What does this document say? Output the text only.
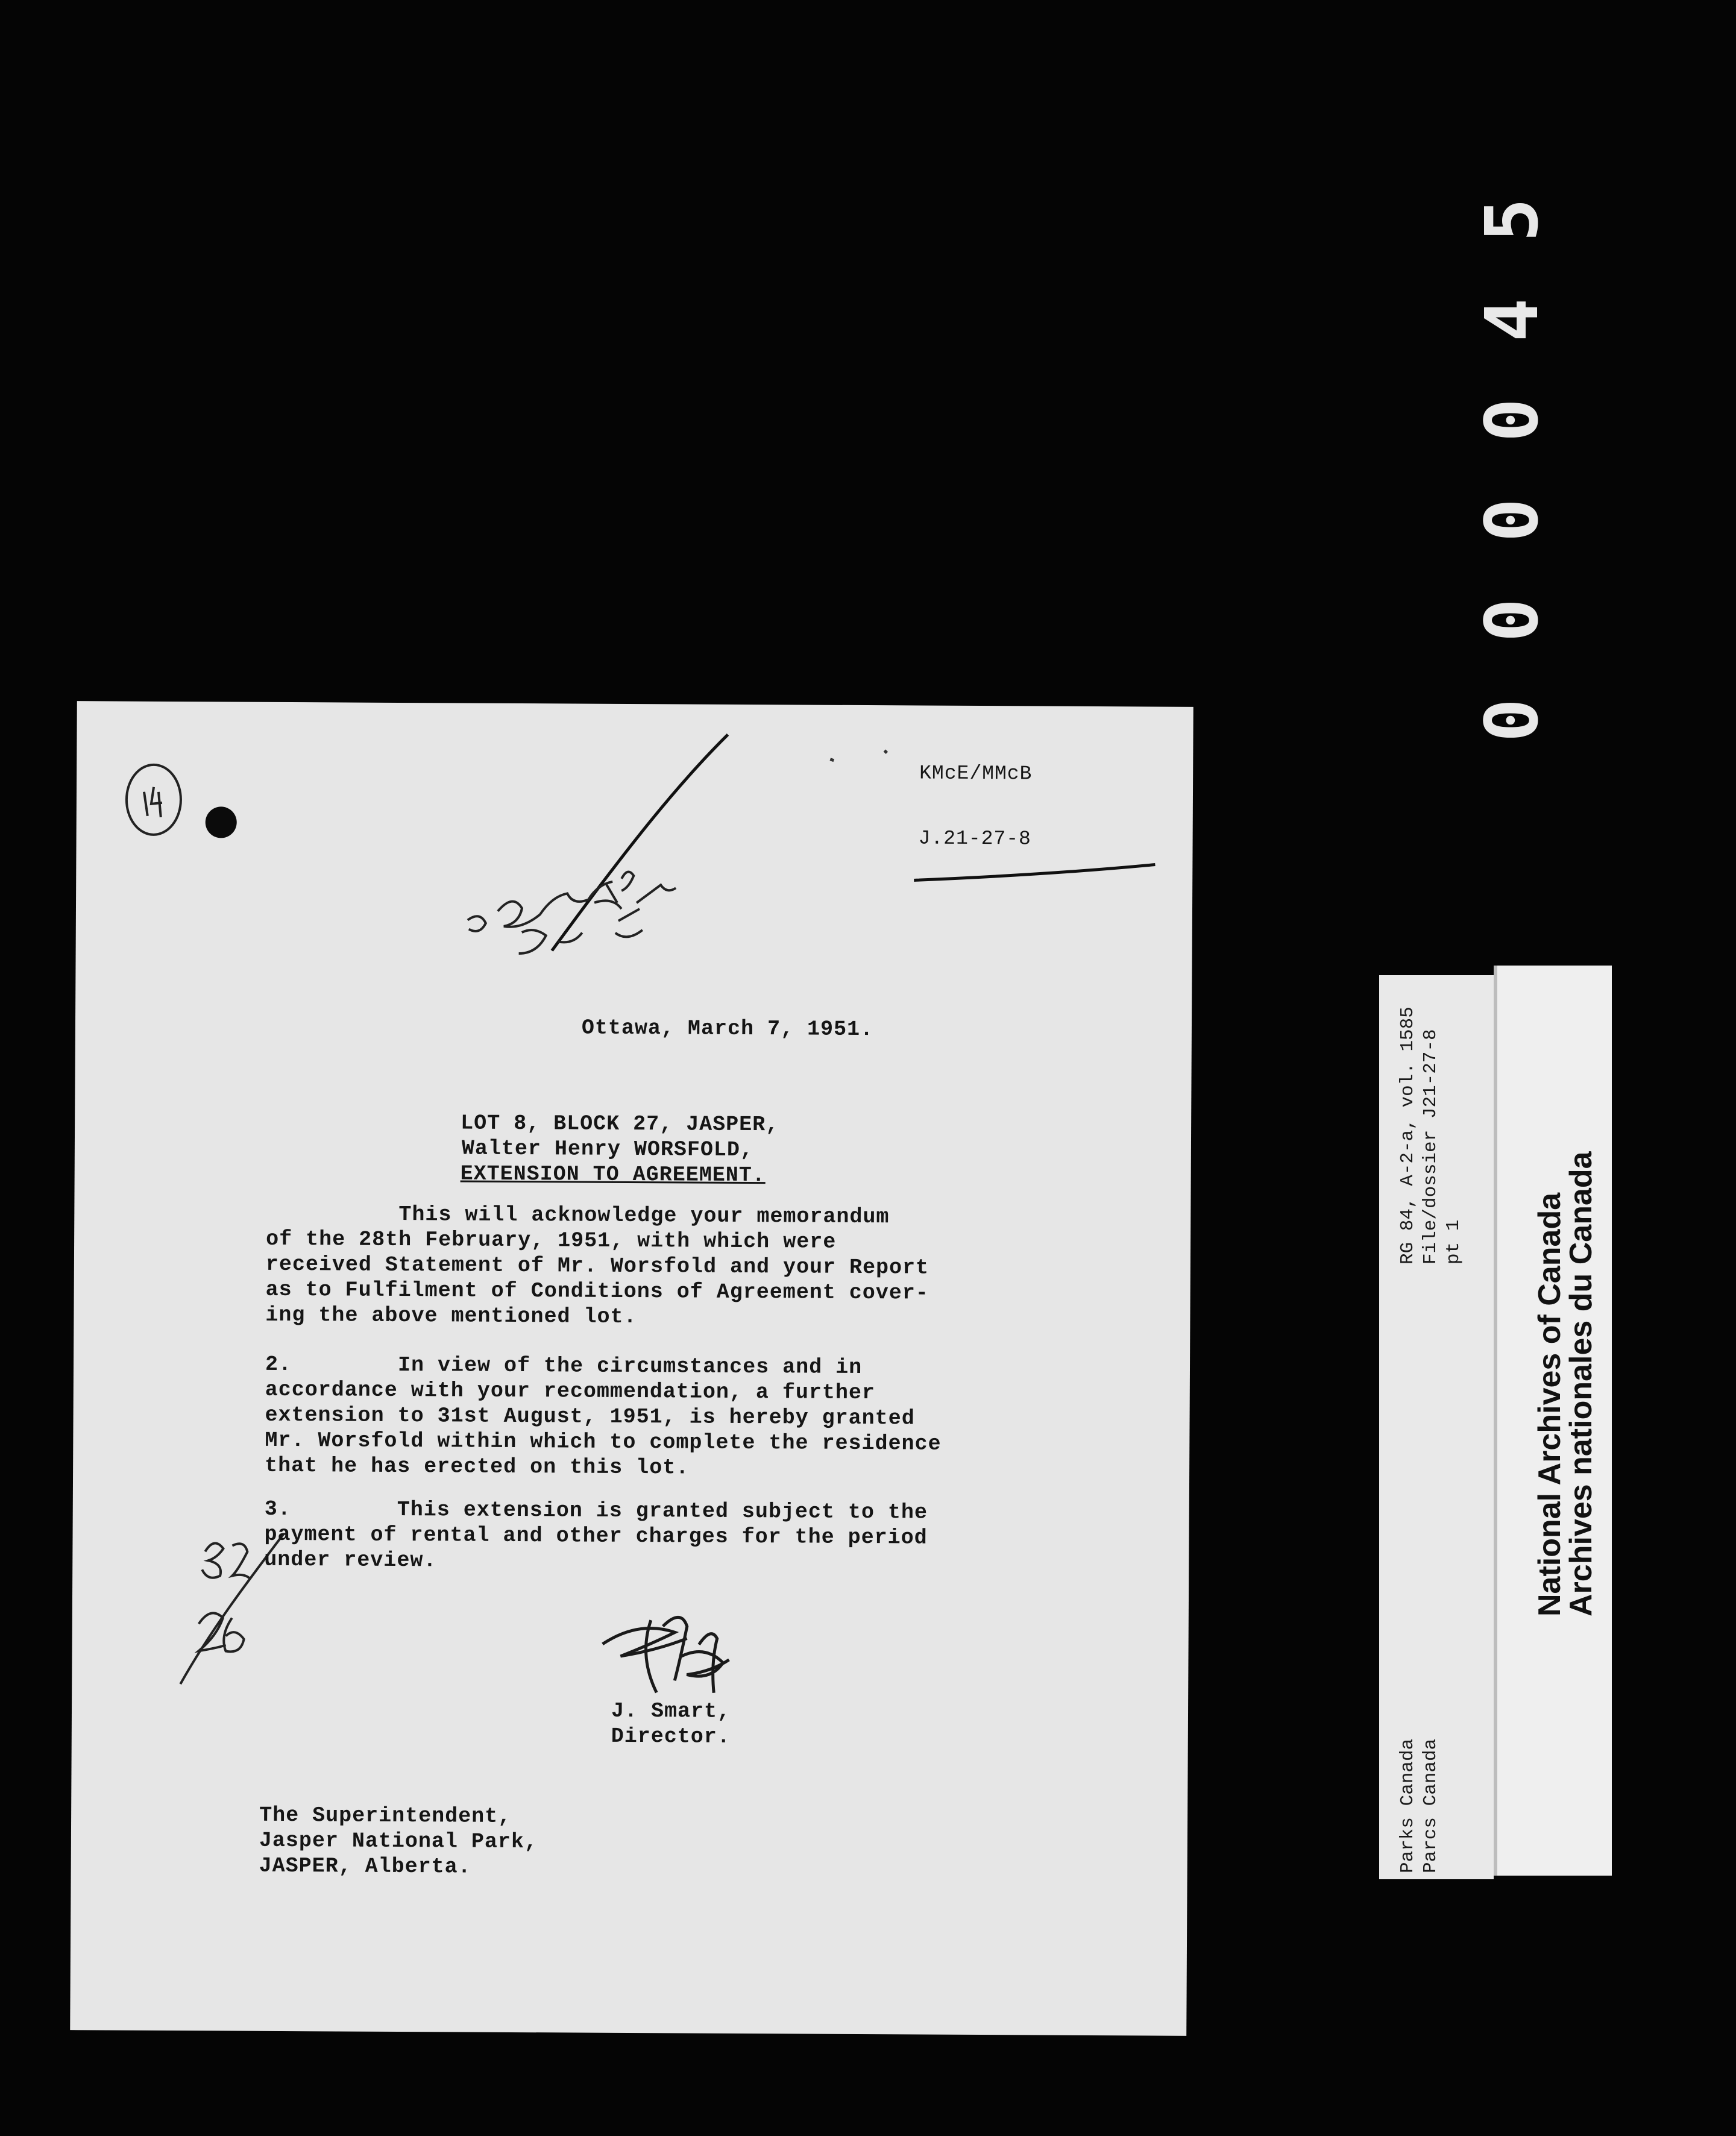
0
0
0
0
4
5
KMcE/MMcB
J.21-27-8
Ottawa, March 7, 1951.
LOT 8, BLOCK 27, JASPER,
Walter Henry WORSFOLD,
EXTENSION TO AGREEMENT.
This will acknowledge your memorandum
of the 28th February, 1951, with which were
received Statement of Mr. Worsfold and your Report
as to Fulfilment of Conditions of Agreement cover-
ing the above mentioned lot.
2.        In view of the circumstances and in
accordance with your recommendation, a further
extension to 31st August, 1951, is hereby granted
Mr. Worsfold within which to complete the residence
that he has erected on this lot.
3.        This extension is granted subject to the
payment of rental and other charges for the period
under review.
J. Smart,
Director.
The Superintendent,
Jasper National Park,
JASPER, Alberta.
RG 84, A-2-a, vol. 1585 File/dossier J21-27-8 pt 1
Parks Canada Parcs Canada
National Archives of Canada
Archives nationales du Canada
